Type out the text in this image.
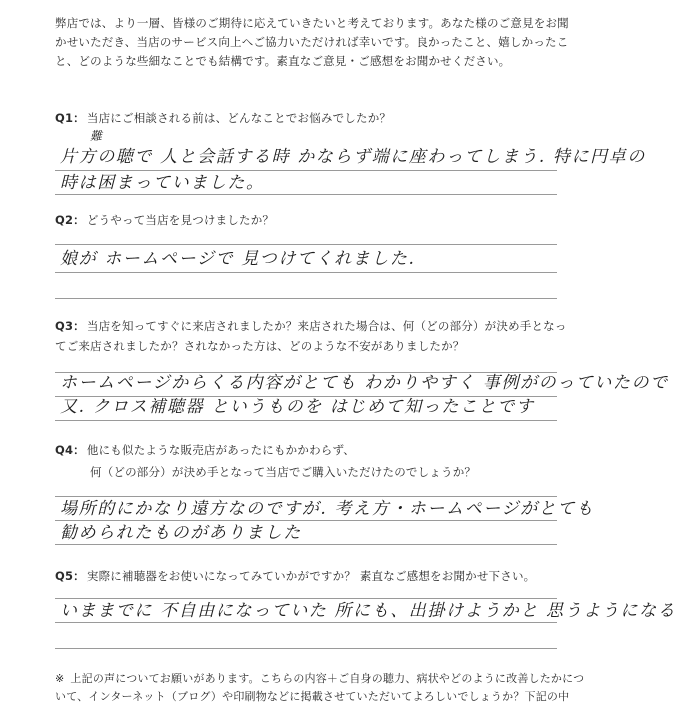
弊店では、より一層、皆様のご期待に応えていきたいと考えております。あなた様のご意見をお聞かせいただき、当店のサービス向上へご協力いただければ幸いです。良かったこと、嬉しかったこと、どのような些細なことでも結構です。素直なご意見・ご感想をお聞かせください。
Q1： 当店にご相談される前は、どんなことでお悩みでしたか？
難
片方の聴で 人と会話する時 かならず端に座わってしまう. 特に円卓の
時は困まっていました。
Q2： どうやって当店を見つけましたか？
娘が ホームページで 見つけてくれました.
Q3： 当店を知ってすぐに来店されましたか？来店された場合は、何（どの部分）が決め手となってご来店されましたか？されなかった方は、どのような不安がありましたか？
ホームページからくる内容がとても わかりやすく 事例がのっていたので
又. クロス補聴器 というものを はじめて知ったことです
Q4： 他にも似たような販売店があったにもかかわらず、
何（どの部分）が決め手となって当店でご購入いただけたのでしょうか？
場所的にかなり遠方なのですが. 考え方・ホームページがとても
勧められたものがありました
Q5： 実際に補聴器をお使いになってみていかがですか？ 素直なご感想をお聞かせ下さい。
いままでに 不自由になっていた 所にも、出掛けようかと 思うようになる
※ 上記の声についてお願いがあります。こちらの内容＋ご自身の聴力、病状やどのように改善したかにつ
いて、インターネット（ブログ）や印刷物などに掲載させていただいてよろしいでしょうか？下記の中
